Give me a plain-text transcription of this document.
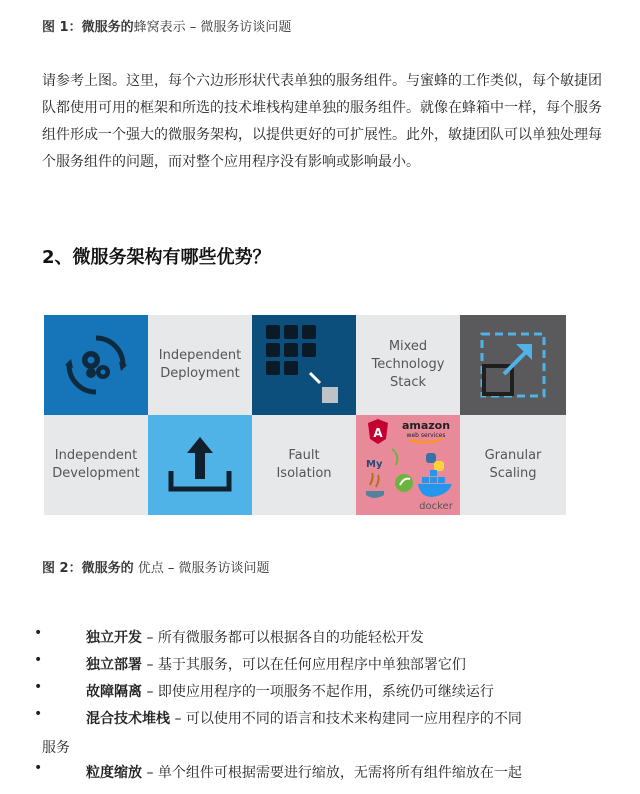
图 1：微服务的蜂窝表示 – 微服务访谈问题
请参考上图。这里，每个六边形形状代表单独的服务组件。与蜜蜂的工作类似，每个敏捷团队都使用可用的框架和所选的技术堆栈构建单独的服务组件。就像在蜂箱中一样，每个服务组件形成一个强大的微服务架构，以提供更好的可扩展性。此外，敏捷团队可以单独处理每个服务组件的问题，而对整个应用程序没有影响或影响最小。
2、微服务架构有哪些优势？
Independent
Deployment
Mixed
Technology
Stack
Independent
Development
Fault
Isolation
A
amazon
web services
My
docker
Granular
Scaling
图 2：微服务的 优点 – 微服务访谈问题
•	独立开发 – 所有微服务都可以根据各自的功能轻松开发
•	独立部署 – 基于其服务，可以在任何应用程序中单独部署它们
•	故障隔离 – 即使应用程序的一项服务不起作用，系统仍可继续运行
•	混合技术堆栈 – 可以使用不同的语言和技术来构建同一应用程序的不同
服务
•	粒度缩放 – 单个组件可根据需要进行缩放，无需将所有组件缩放在一起
